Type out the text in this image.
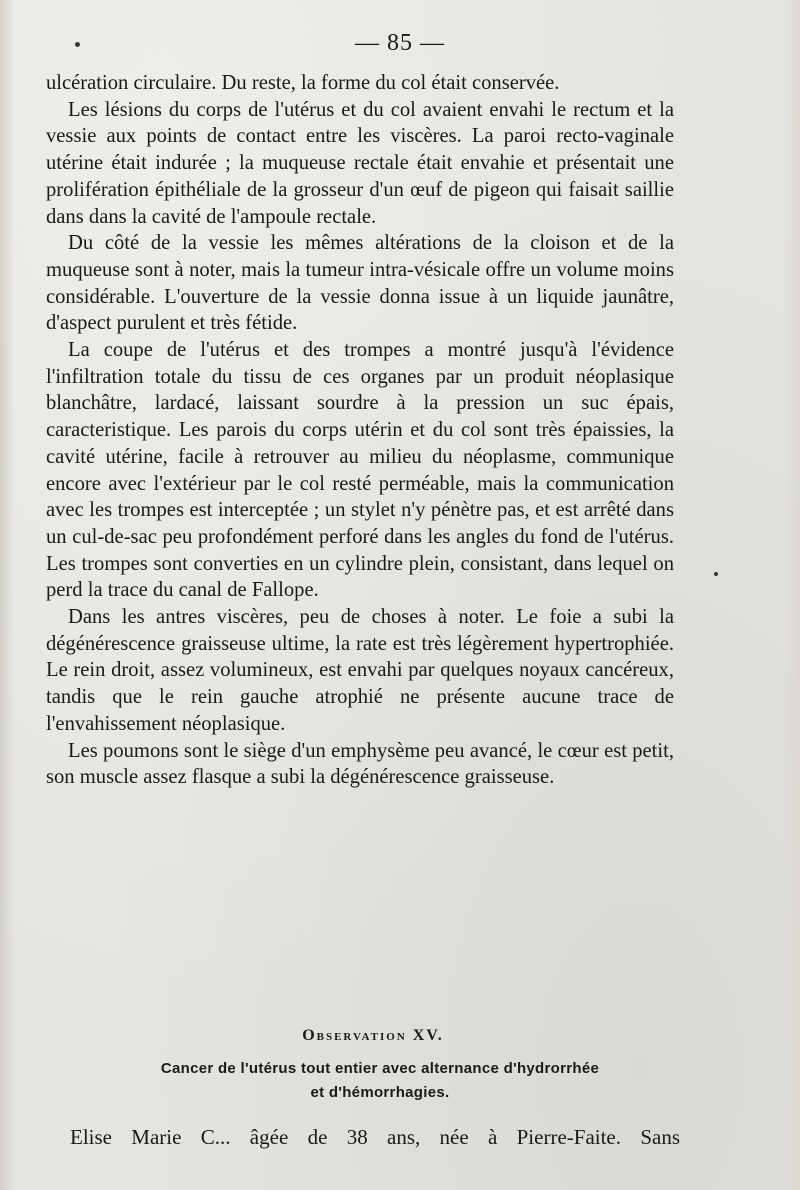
— 85 —

ulcération circulaire. Du reste, la forme du col était conservée.

Les lésions du corps de l'utérus et du col avaient envahi le rectum et la vessie aux points de contact entre les viscères. La paroi recto-vaginale utérine était indurée ; la muqueuse rectale était envahie et présentait une prolifération épithéliale de la grosseur d'un œuf de pigeon qui faisait saillie dans dans la cavité de l'ampoule rectale.

Du côté de la vessie les mêmes altérations de la cloison et de la muqueuse sont à noter, mais la tumeur intra-vésicale offre un volume moins considérable. L'ouverture de la vessie donna issue à un liquide jaunâtre, d'aspect purulent et très fétide.

La coupe de l'utérus et des trompes a montré jusqu'à l'évidence l'infiltration totale du tissu de ces organes par un produit néoplasique blanchâtre, lardacé, laissant sourdre à la pression un suc épais, caracteristique. Les parois du corps utérin et du col sont très épaissies, la cavité utérine, facile à retrouver au milieu du néoplasme, communique encore avec l'extérieur par le col resté perméable, mais la communication avec les trompes est interceptée ; un stylet n'y pénètre pas, et est arrêté dans un cul-de-sac peu profondément perforé dans les angles du fond de l'utérus. Les trompes sont converties en un cylindre plein, consistant, dans lequel on perd la trace du canal de Fallope.

Dans les antres viscères, peu de choses à noter. Le foie a subi la dégénérescence graisseuse ultime, la rate est très légèrement hypertrophiée. Le rein droit, assez volumineux, est envahi par quelques noyaux cancéreux, tandis que le rein gauche atrophié ne présente aucune trace de l'envahissement néoplasique.

Les poumons sont le siège d'un emphysème peu avancé, le cœur est petit, son muscle assez flasque a subi la dégénérescence graisseuse.

Observation XV.
Cancer de l'utérus tout entier avec alternance d'hydrorrhée
et d'hémorrhagies.
Elise Marie C... âgée de 38 ans, née à Pierre-Faite. Sans
